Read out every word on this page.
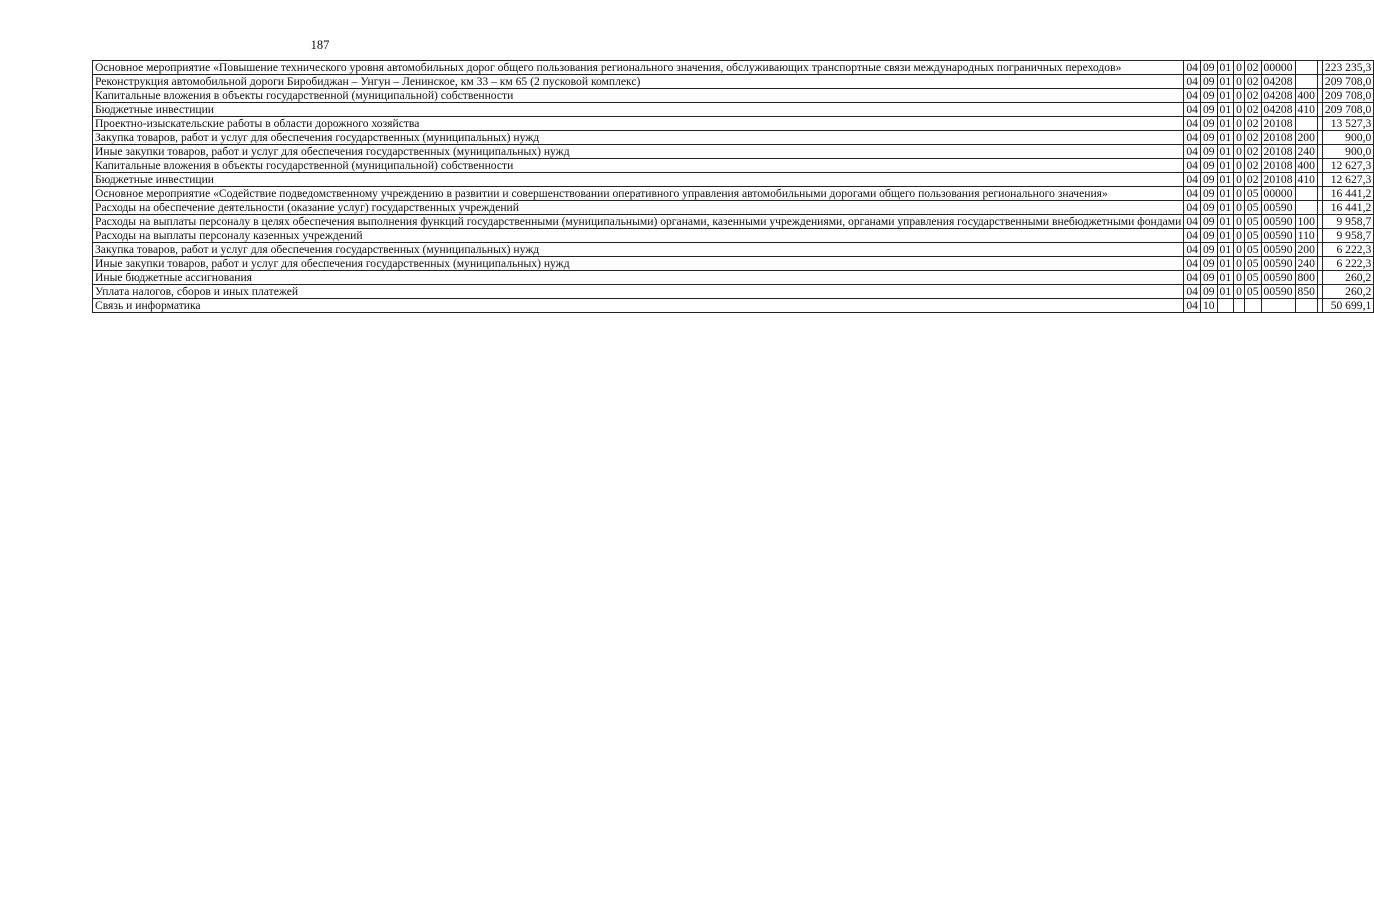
187
Основное мероприятие «Повышение технического уровня автомобильных дорог общего пользования регионального значения, обслуживающих транспортные связи международных пограничных переходов»	04	09	01	0	02	00000			223 235,3
Реконструкция автомобильной дороги Биробиджан – Унгун – Ленинское, км 33 – км 65 (2 пусковой комплекс)	04	09	01	0	02	04208			209 708,0
Капитальные вложения в объекты государственной (муниципальной) собственности	04	09	01	0	02	04208	400		209 708,0
Бюджетные инвестиции	04	09	01	0	02	04208	410		209 708,0
Проектно-изыскательские работы в области дорожного хозяйства	04	09	01	0	02	20108			13 527,3
Закупка товаров, работ и услуг для обеспечения государственных (муниципальных) нужд	04	09	01	0	02	20108	200		900,0
Иные закупки товаров, работ и услуг для обеспечения государственных (муниципальных) нужд	04	09	01	0	02	20108	240		900,0
Капитальные вложения в объекты государственной (муниципальной) собственности	04	09	01	0	02	20108	400		12 627,3
Бюджетные инвестиции	04	09	01	0	02	20108	410		12 627,3
Основное мероприятие «Содействие подведомственному учреждению в развитии и совершенствовании оперативного управления автомобильными дорогами общего пользования регионального значения»	04	09	01	0	05	00000			16 441,2
Расходы на обеспечение деятельности (оказание услуг) государственных учреждений	04	09	01	0	05	00590			16 441,2
Расходы на выплаты персоналу в целях обеспечения выполнения функций государственными (муниципальными) органами, казенными учреждениями, органами управления государственными внебюджетными фондами	04	09	01	0	05	00590	100		9 958,7
Расходы на выплаты персоналу казенных учреждений	04	09	01	0	05	00590	110		9 958,7
Закупка товаров, работ и услуг для обеспечения государственных (муниципальных) нужд	04	09	01	0	05	00590	200		6 222,3
Иные закупки товаров, работ и услуг для обеспечения государственных (муниципальных) нужд	04	09	01	0	05	00590	240		6 222,3
Иные бюджетные ассигнования	04	09	01	0	05	00590	800		260,2
Уплата налогов, сборов и иных платежей	04	09	01	0	05	00590	850		260,2
Связь и информатика	04	10							50 699,1
